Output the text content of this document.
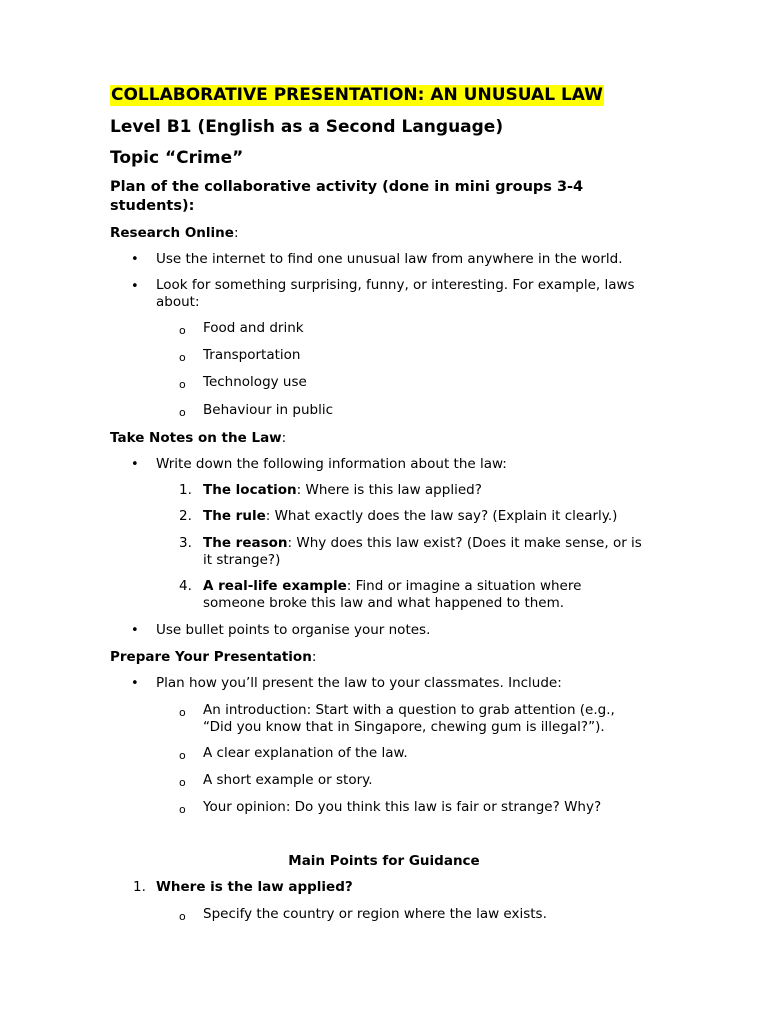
COLLABORATIVE PRESENTATION: AN UNUSUAL LAW
Level B1 (English as a Second Language)
Topic “Crime”
Plan of the collaborative activity (done in mini groups 3-4 students):
Research Online:
• Use the internet to find one unusual law from anywhere in the world.
• Look for something surprising, funny, or interesting. For example, laws about:
o Food and drink
o Transportation
o Technology use
o Behaviour in public
Take Notes on the Law:
• Write down the following information about the law:
1. The location: Where is this law applied?
2. The rule: What exactly does the law say? (Explain it clearly.)
3. The reason: Why does this law exist? (Does it make sense, or is it strange?)
4. A real-life example: Find or imagine a situation where someone broke this law and what happened to them.
• Use bullet points to organise your notes.
Prepare Your Presentation:
• Plan how you’ll present the law to your classmates. Include:
o An introduction: Start with a question to grab attention (e.g., “Did you know that in Singapore, chewing gum is illegal?”).
o A clear explanation of the law.
o A short example or story.
o Your opinion: Do you think this law is fair or strange? Why?
Main Points for Guidance
1. Where is the law applied?
o Specify the country or region where the law exists.
